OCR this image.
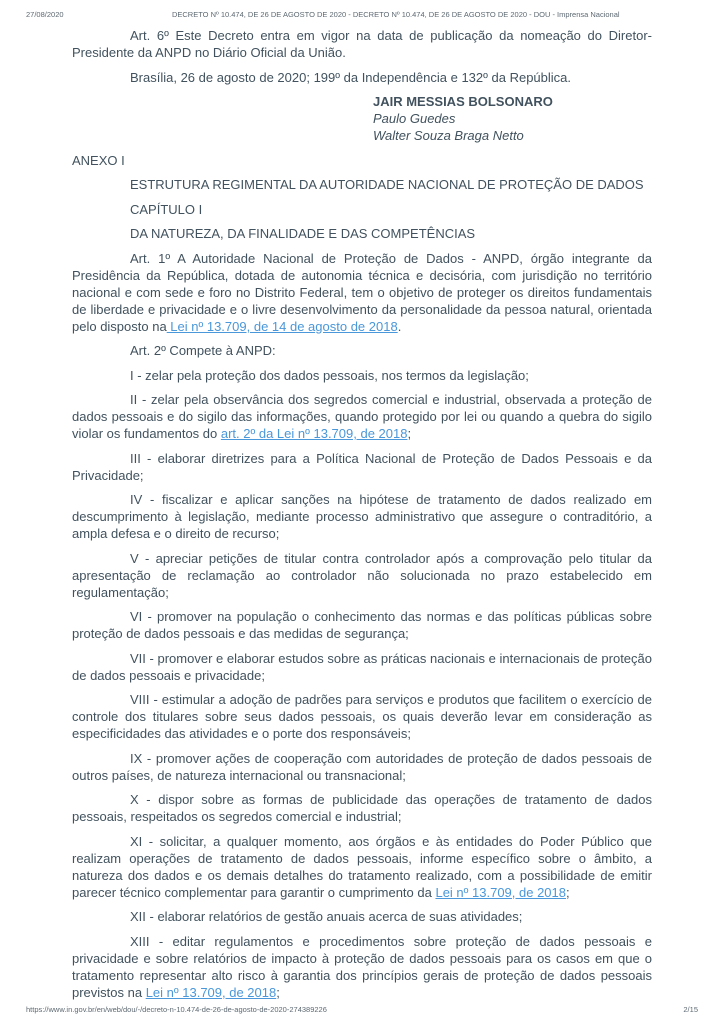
27/08/2020	DECRETO Nº 10.474, DE 26 DE AGOSTO DE 2020 - DECRETO Nº 10.474, DE 26 DE AGOSTO DE 2020 - DOU - Imprensa Nacional

Art. 6º Este Decreto entra em vigor na data de publicação da nomeação do Diretor-Presidente da ANPD no Diário Oficial da União.

Brasília, 26 de agosto de 2020; 199º da Independência e 132º da República.

JAIR MESSIAS BOLSONARO
Paulo Guedes
Walter Souza Braga Netto

ANEXO I

ESTRUTURA REGIMENTAL DA AUTORIDADE NACIONAL DE PROTEÇÃO DE DADOS

CAPÍTULO I

DA NATUREZA, DA FINALIDADE E DAS COMPETÊNCIAS

Art. 1º A Autoridade Nacional de Proteção de Dados - ANPD, órgão integrante da Presidência da República, dotada de autonomia técnica e decisória, com jurisdição no território nacional e com sede e foro no Distrito Federal, tem o objetivo de proteger os direitos fundamentais de liberdade e privacidade e o livre desenvolvimento da personalidade da pessoa natural, orientada pelo disposto na Lei nº 13.709, de 14 de agosto de 2018.

Art. 2º Compete à ANPD:

I - zelar pela proteção dos dados pessoais, nos termos da legislação;

II - zelar pela observância dos segredos comercial e industrial, observada a proteção de dados pessoais e do sigilo das informações, quando protegido por lei ou quando a quebra do sigilo violar os fundamentos do art. 2º da Lei nº 13.709, de 2018;

III - elaborar diretrizes para a Política Nacional de Proteção de Dados Pessoais e da Privacidade;

IV - fiscalizar e aplicar sanções na hipótese de tratamento de dados realizado em descumprimento à legislação, mediante processo administrativo que assegure o contraditório, a ampla defesa e o direito de recurso;

V - apreciar petições de titular contra controlador após a comprovação pelo titular da apresentação de reclamação ao controlador não solucionada no prazo estabelecido em regulamentação;

VI - promover na população o conhecimento das normas e das políticas públicas sobre proteção de dados pessoais e das medidas de segurança;

VII - promover e elaborar estudos sobre as práticas nacionais e internacionais de proteção de dados pessoais e privacidade;

VIII - estimular a adoção de padrões para serviços e produtos que facilitem o exercício de controle dos titulares sobre seus dados pessoais, os quais deverão levar em consideração as especificidades das atividades e o porte dos responsáveis;

IX - promover ações de cooperação com autoridades de proteção de dados pessoais de outros países, de natureza internacional ou transnacional;

X - dispor sobre as formas de publicidade das operações de tratamento de dados pessoais, respeitados os segredos comercial e industrial;

XI - solicitar, a qualquer momento, aos órgãos e às entidades do Poder Público que realizam operações de tratamento de dados pessoais, informe específico sobre o âmbito, a natureza dos dados e os demais detalhes do tratamento realizado, com a possibilidade de emitir parecer técnico complementar para garantir o cumprimento da Lei nº 13.709, de 2018;

XII - elaborar relatórios de gestão anuais acerca de suas atividades;

XIII - editar regulamentos e procedimentos sobre proteção de dados pessoais e privacidade e sobre relatórios de impacto à proteção de dados pessoais para os casos em que o tratamento representar alto risco à garantia dos princípios gerais de proteção de dados pessoais previstos na Lei nº 13.709, de 2018;

https://www.in.gov.br/en/web/dou/-/decreto-n-10.474-de-26-de-agosto-de-2020-274389226	2/15
